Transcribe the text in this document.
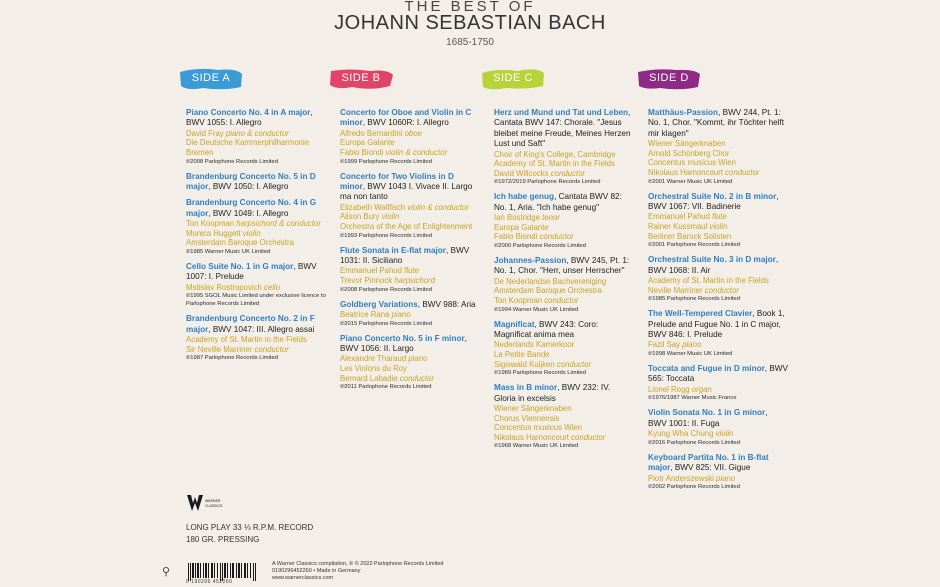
THE BEST OF
JOHANN SEBASTIAN BACH
1685-1750
SIDE A	SIDE B	SIDE C	SIDE D
Piano Concerto No. 4 in A major, BWV 1055: I. Allegro
David Fray piano & conductor
Die Deutsche Kammerphilharmonie Bremen
℗2008 Parlophone Records Limited
Brandenburg Concerto No. 5 in D major, BWV 1050: I. Allegro
Brandenburg Concerto No. 4 in G major, BWV 1049: I. Allegro
Ton Koopman harpsichord & conductor
Monica Huggett violin
Amsterdam Baroque Orchestra
℗1985 Warner Music UK Limited
Cello Suite No. 1 in G major, BWV 1007: I. Prelude
Mstislav Rostropovich cello
℗1995 SGOL Music Limited under exclusive licence to Parlophone Records Limited
Brandenburg Concerto No. 2 in F major, BWV 1047: III. Allegro assai
Academy of St. Martin in the Fields
Sir Neville Marriner conductor
℗1987 Parlophone Records Limited
Concerto for Oboe and Violin in C minor, BWV 1060R: I. Allegro
Alfredo Bernardini oboe
Europa Galante
Fabio Biondi violin & conductor
℗1999 Parlophone Records Limited
Concerto for Two Violins in D minor, BWV 1043 I. Vivace II. Largo ma non tanto
Elizabeth Wallfisch violin & conductor
Alison Bury violin
Orchestra of the Age of Enlightenment
℗1993 Parlophone Records Limited
Flute Sonata in E-flat major, BWV 1031: II. Siciliano
Emmanuel Pahud flute
Trevor Pinnock harpsichord
℗2008 Parlophone Records Limited
Goldberg Variations, BWV 988: Aria
Beatrice Rana piano
℗2015 Parlophone Records Limited
Piano Concerto No. 5 in F minor, BWV 1056: II. Largo
Alexandre Tharaud piano
Les Violons du Roy
Bernard Labadie conductor
℗2011 Parlophone Records Limited
Herz und Mund und Tat und Leben, Cantata BWV 147: Chorale. "Jesus bleibet meine Freude, Meines Herzen Lust und Saft"
Choir of King's College, Cambridge
Academy of St. Martin in the Fields
David Willcocks conductor
℗1972/2019 Parlophone Records Limited
Ich habe genug, Cantata BWV 82: No. 1, Aria. "Ich habe genug"
Ian Bostridge tenor
Europa Galante
Fabio Biondi conductor
℗2000 Parlophone Records Limited
Johannes-Passion, BWV 245, Pt. 1: No. 1, Chor. "Herr, unser Herrscher"
De Nederlandse Bachvereniging
Amsterdam Baroque Orchestra
Ton Koopman conductor
℗1994 Warner Music UK Limited
Magnificat, BWV 243: Coro: Magnificat anima mea
Nederlands Kamerkoor
La Petite Bande
Sigiswald Kuijken conductor
℗1989 Parlophone Records Limited
Mass in B minor, BWV 232: IV. Gloria in excelsis
Wiener Sängerknaben
Chorus Viennensis
Concentus musicus Wien
Nikolaus Harnoncourt conductor
℗1968 Warner Music UK Limited
Matthäus-Passion, BWV 244, Pt. 1: No. 1, Chor. "Kommt, ihr Töchter helft mir klagen"
Wiener Sängerknaben
Arnold Schönberg Chor
Concentus musicus Wien
Nikolaus Harnoncourt conductor
℗2001 Warner Music UK Limited
Orchestral Suite No. 2 in B minor, BWV 1067: VII. Badinerie
Emmanuel Pahud flute
Rainer Kussmaul violin
Berliner Barock Solisten
℗2001 Parlophone Records Limited
Orchestral Suite No. 3 in D major, BWV 1068: II. Air
Academy of St. Martin in the Fields
Neville Marriner conductor
℗1985 Parlophone Records Limited
The Well-Tempered Clavier, Book 1, Prelude and Fugue No. 1 in C major, BWV 846: I. Prelude
Fazil Say piano
℗1998 Warner Music UK Limited
Toccata and Fugue in D minor, BWV 565: Toccata
Lionel Rogg organ
℗1976/1987 Warner Music France
Violin Sonata No. 1 in G minor, BWV 1001: II. Fuga
Kyung Wha Chung violin
℗2016 Parlophone Records Limited
Keyboard Partita No. 1 in B-flat major, BWV 825: VII. Gigue
Piotr Anderszewski piano
℗2002 Parlophone Records Limited
WARNER
CLASSICS
LONG PLAY 33 ⅓ R.P.M. RECORD
180 GR. PRESSING
⚲
0 190296 452260
A Warner Classics compilation, ℗ © 2022 Parlophone Records Limited
0190296452260 • Made in Germany
www.warnerclassics.com
